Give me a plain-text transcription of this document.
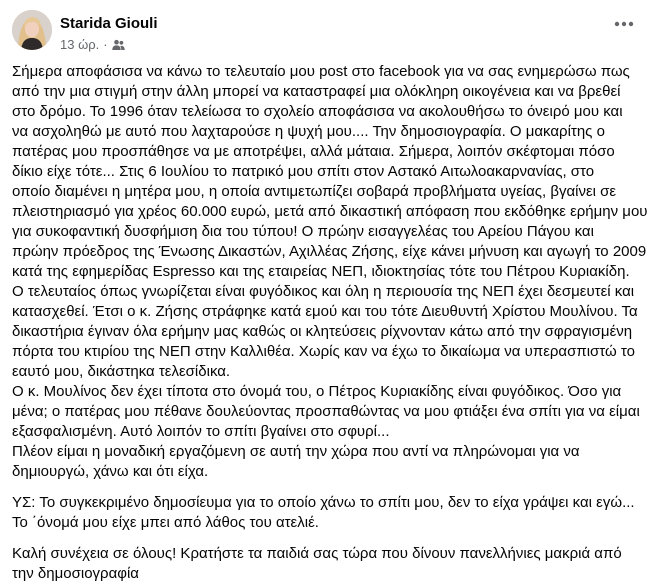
Starida Giouli
13 ώρ. ·
Σήμερα αποφάσισα να κάνω το τελευταίο μου post στο facebook για να σας ενημερώσω πως
από την μια στιγμή στην άλλη μπορεί να καταστραφεί μια ολόκληρη οικογένεια και να βρεθεί
στο δρόμο. Το 1996 όταν τελείωσα το σχολείο αποφάσισα να ακολουθήσω το όνειρό μου και
να ασχοληθώ με αυτό που λαχταρούσε η ψυχή μου.... Την δημοσιογραφία. Ο μακαρίτης ο
πατέρας μου προσπάθησε να με αποτρέψει, αλλά μάταια. Σήμερα, λοιπόν σκέφτομαι πόσο
δίκιο είχε τότε... Στις 6 Ιουλίου το πατρικό μου σπίτι στον Αστακό Αιτωλοακαρνανίας, στο
οποίο διαμένει η μητέρα μου, η οποία αντιμετωπίζει σοβαρά προβλήματα υγείας, βγαίνει σε
πλειστηριασμό για χρέος 60.000 ευρώ, μετά από δικαστική απόφαση που εκδόθηκε ερήμην μου
για συκοφαντική δυσφήμιση δια του τύπου! Ο πρώην εισαγγελέας του Αρείου Πάγου και
πρώην πρόεδρος της Ένωσης Δικαστών, Αχιλλέας Ζήσης, είχε κάνει μήνυση και αγωγή το 2009
κατά της εφημερίδας Espresso και της εταιρείας ΝΕΠ, ιδιοκτησίας τότε του Πέτρου Κυριακίδη.
Ο τελευταίος όπως γνωρίζεται είναι φυγόδικος και όλη η περιουσία της ΝΕΠ έχει δεσμευτεί και
κατασχεθεί. Έτσι ο κ. Ζήσης στράφηκε κατά εμού και του τότε Διευθυντή Χρίστου Μουλίνου. Τα
δικαστήρια έγιναν όλα ερήμην μας καθώς οι κλητεύσεις ρίχνονταν κάτω από την σφραγισμένη
πόρτα του κτιρίου της ΝΕΠ στην Καλλιθέα. Χωρίς καν να έχω το δικαίωμα να υπερασπιστώ το
εαυτό μου, δικάστηκα τελεσίδικα.
Ο κ. Μουλίνος δεν έχει τίποτα στο όνομά του, ο Πέτρος Κυριακίδης είναι φυγόδικος. Όσο για
μένα; ο πατέρας μου πέθανε δουλεύοντας προσπαθώντας να μου φτιάξει ένα σπίτι για να είμαι
εξασφαλισμένη. Αυτό λοιπόν το σπίτι βγαίνει στο σφυρί...
Πλέον είμαι η μοναδική εργαζόμενη σε αυτή την χώρα που αντί να πληρώνομαι για να
δημιουργώ, χάνω και ότι είχα.
ΥΣ: Το συγκεκριμένο δημοσίευμα για το οποίο χάνω το σπίτι μου, δεν το είχα γράψει και εγώ...
Το ΄όνομά μου είχε μπει από λάθος του ατελιέ.
Καλή συνέχεια σε όλους! Κρατήστε τα παιδιά σας τώρα που δίνουν πανελλήνιες μακριά από
την δημοσιογραφία
